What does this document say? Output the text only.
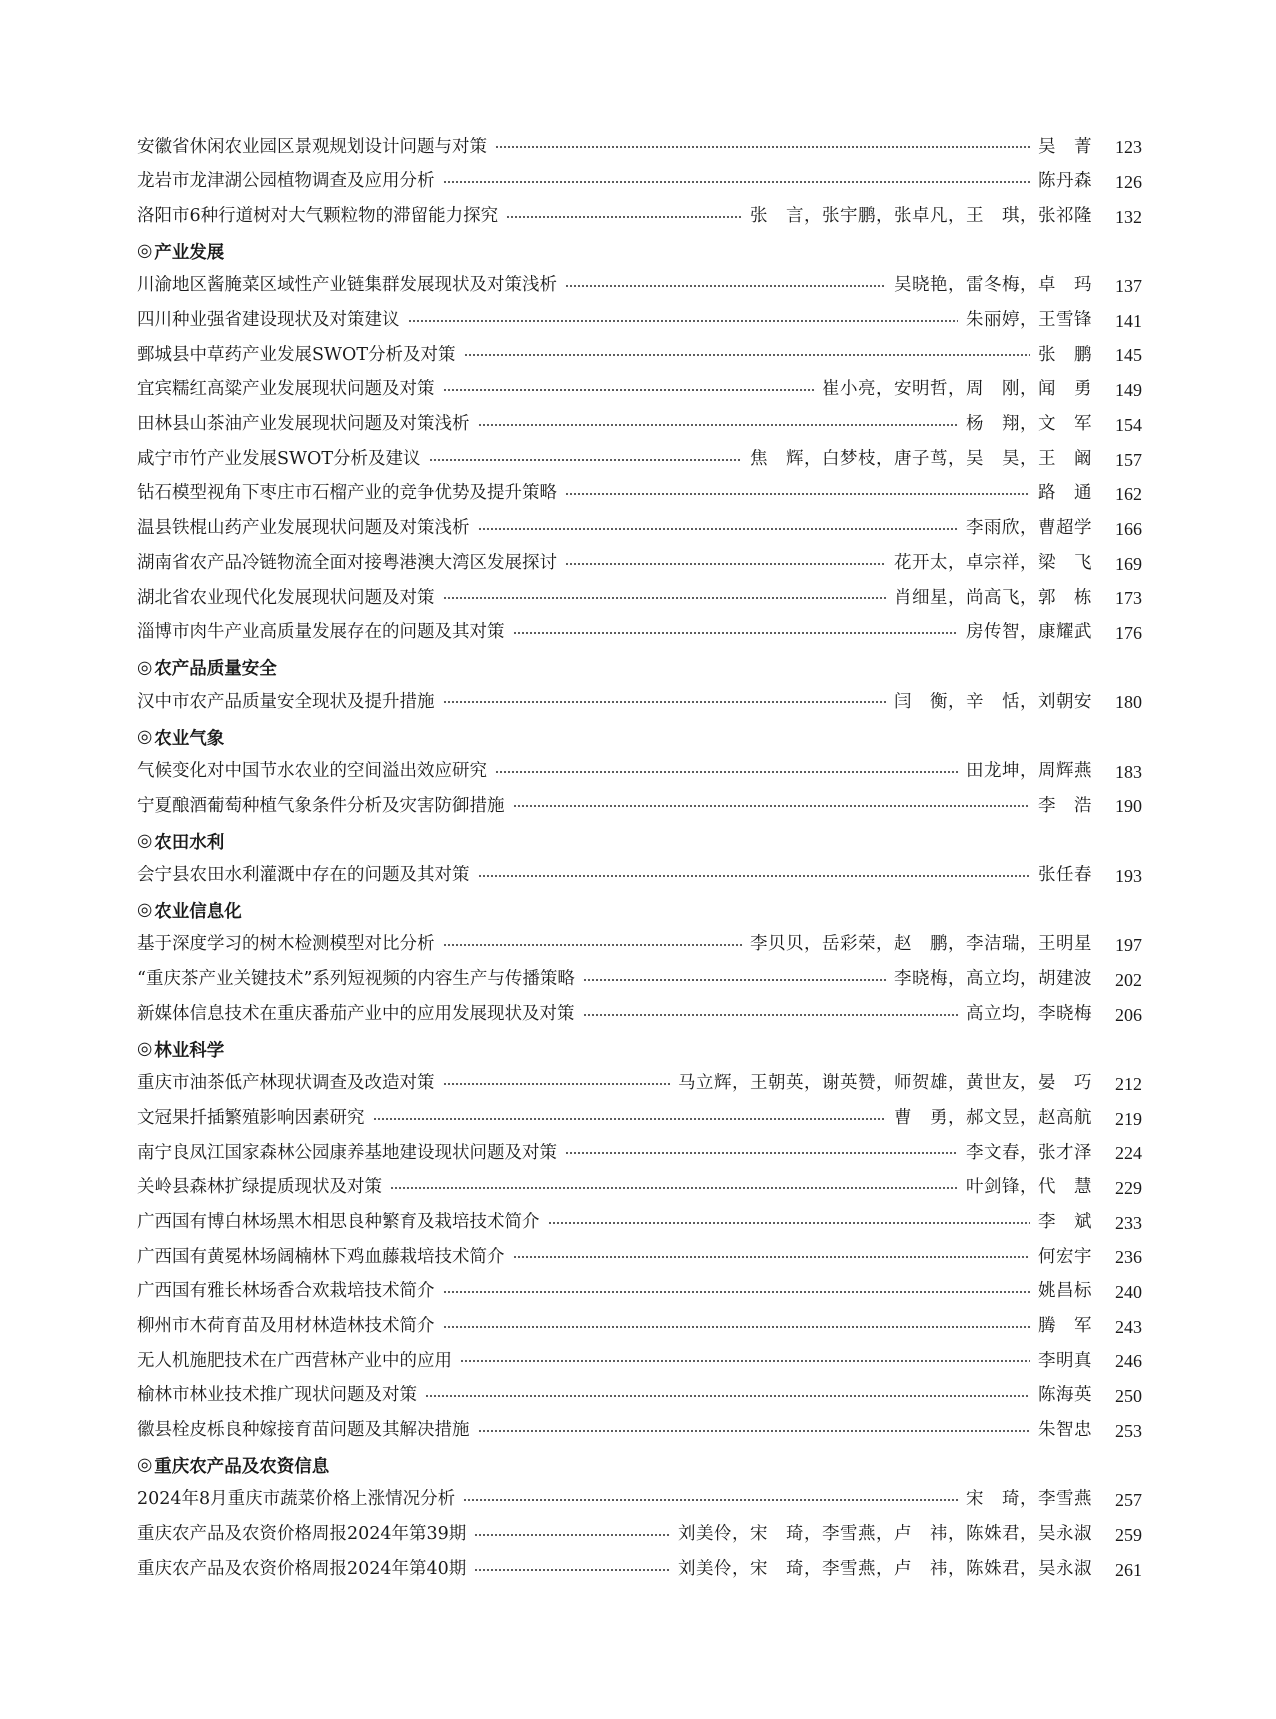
安徽省休闲农业园区景观规划设计问题与对策	吴　菁	123
龙岩市龙津湖公园植物调查及应用分析	陈丹森	126
洛阳市6种行道树对大气颗粒物的滞留能力探究	张　言，张宇鹏，张卓凡，王　琪，张祁隆	132
◎ 产业发展
川渝地区酱腌菜区域性产业链集群发展现状及对策浅析	吴晓艳，雷冬梅，卓　玛	137
四川种业强省建设现状及对策建议	朱丽婷，王雪锋	141
鄄城县中草药产业发展SWOT分析及对策	张　鹏	145
宜宾糯红高粱产业发展现状问题及对策	崔小亮，安明哲，周　刚，闻　勇	149
田林县山茶油产业发展现状问题及对策浅析	杨　翔，文　军	154
咸宁市竹产业发展SWOT分析及建议	焦　辉，白梦枝，唐子茑，吴　昊，王　阚	157
钻石模型视角下枣庄市石榴产业的竞争优势及提升策略	路　通	162
温县铁棍山药产业发展现状问题及对策浅析	李雨欣，曹超学	166
湖南省农产品冷链物流全面对接粤港澳大湾区发展探讨	花开太，卓宗祥，梁　飞	169
湖北省农业现代化发展现状问题及对策	肖细星，尚高飞，郭　栋	173
淄博市肉牛产业高质量发展存在的问题及其对策	房传智，康耀武	176
◎ 农产品质量安全
汉中市农产品质量安全现状及提升措施	闫　衡，辛　恬，刘朝安	180
◎ 农业气象
气候变化对中国节水农业的空间溢出效应研究	田龙坤，周辉燕	183
宁夏酿酒葡萄种植气象条件分析及灾害防御措施	李　浩	190
◎ 农田水利
会宁县农田水利灌溉中存在的问题及其对策	张任春	193
◎ 农业信息化
基于深度学习的树木检测模型对比分析	李贝贝，岳彩荣，赵　鹏，李洁瑞，王明星	197
“重庆茶产业关键技术”系列短视频的内容生产与传播策略	李晓梅，高立均，胡建波	202
新媒体信息技术在重庆番茄产业中的应用发展现状及对策	高立均，李晓梅	206
◎ 林业科学
重庆市油茶低产林现状调查及改造对策	马立辉，王朝英，谢英赞，师贺雄，黄世友，晏　巧	212
文冠果扦插繁殖影响因素研究	曹　勇，郝文昱，赵高航	219
南宁良凤江国家森林公园康养基地建设现状问题及对策	李文春，张才泽	224
关岭县森林扩绿提质现状及对策	叶剑锋，代　慧	229
广西国有博白林场黑木相思良种繁育及栽培技术简介	李　斌	233
广西国有黄冕林场阔楠林下鸡血藤栽培技术简介	何宏宇	236
广西国有雅长林场香合欢栽培技术简介	姚昌标	240
柳州市木荷育苗及用材林造林技术简介	腾　军	243
无人机施肥技术在广西营林产业中的应用	李明真	246
榆林市林业技术推广现状问题及对策	陈海英	250
徽县栓皮栎良种嫁接育苗问题及其解决措施	朱智忠	253
◎ 重庆农产品及农资信息
2024年8月重庆市蔬菜价格上涨情况分析	宋　琦，李雪燕	257
重庆农产品及农资价格周报2024年第39期	刘美伶，宋　琦，李雪燕，卢　祎，陈姝君，吴永淑	259
重庆农产品及农资价格周报2024年第40期	刘美伶，宋　琦，李雪燕，卢　祎，陈姝君，吴永淑	261
